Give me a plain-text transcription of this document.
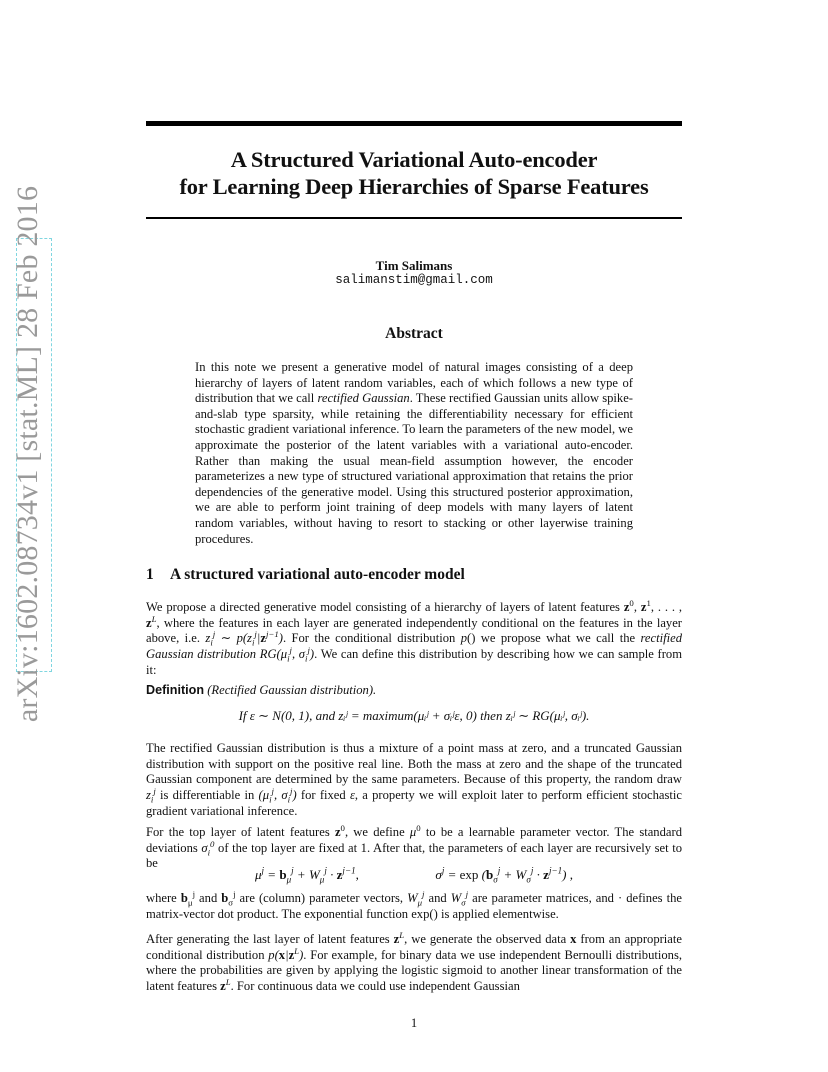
arXiv:1602.08734v1 [stat.ML] 28 Feb 2016
A Structured Variational Auto-encoder
for Learning Deep Hierarchies of Sparse Features
Tim Salimans
salimanstim@gmail.com
Abstract
In this note we present a generative model of natural images consisting of a deep hierarchy of layers of latent random variables, each of which follows a new type of distribution that we call rectified Gaussian. These rectified Gaussian units allow spike-and-slab type sparsity, while retaining the differentiability necessary for efficient stochastic gradient variational inference. To learn the parameters of the new model, we approximate the posterior of the latent variables with a variational auto-encoder. Rather than making the usual mean-field assumption however, the encoder parameterizes a new type of structured variational approximation that retains the prior dependencies of the generative model. Using this structured posterior approximation, we are able to perform joint training of deep models with many layers of latent random variables, without having to resort to stacking or other layerwise training procedures.
1 A structured variational auto-encoder model
We propose a directed generative model consisting of a hierarchy of layers of latent features $z^0$, $z^1$, . . . , $z^L$, where the features in each layer are generated independently conditional on the features in the layer above, i.e. $z_i^j$ ∼ $p(z_i^j|z^{j-1})$. For the conditional distribution p() we propose what we call the rectified Gaussian distribution $RG(\mu_i^j$, $\sigma_i^j$). We can define this distribution by describing how we can sample from it:
Definition (Rectified Gaussian distribution).
If ε ∼ N(0, 1), and zᵢʲ = maximum(μᵢʲ + σᵢʲε, 0) then zᵢʲ ∼ RG(μᵢʲ, σᵢʲ).
The rectified Gaussian distribution is thus a mixture of a point mass at zero, and a truncated Gaussian distribution with support on the positive real line. Both the mass at zero and the shape of the truncated Gaussian component are determined by the same parameters. Because of this property, the random draw $z_i^j$ is differentiable in ($\mu_i^j$, $\sigma_i^j$) for fixed ε, a property we will exploit later to perform efficient stochastic gradient variational inference.
For the top layer of latent features $z^0$, we define $\mu^0$ to be a learnable parameter vector. The standard deviations $\sigma_i^0$ of the top layer are fixed at 1. After that, the parameters of each layer are recursively set to be
$\mu^j = b_\mu^j + W_\mu^j \cdot z^{j-1}$,	$\sigma^j = \exp (b_\sigma^j + W_\sigma^j \cdot z^{j-1})$ ,
where $b_\mu^j$ and $b_\sigma^j$ are (column) parameter vectors, $W_\mu^j$ and $W_\sigma^j$ are parameter matrices, and · defines the matrix-vector dot product. The exponential function exp() is applied elementwise.
After generating the last layer of latent features $z^L$, we generate the observed data x from an appropriate conditional distribution $p(x|z^L)$. For example, for binary data we use independent Bernoulli distributions, where the probabilities are given by applying the logistic sigmoid to another linear transformation of the latent features $z^L$. For continuous data we could use independent Gaussian
1
